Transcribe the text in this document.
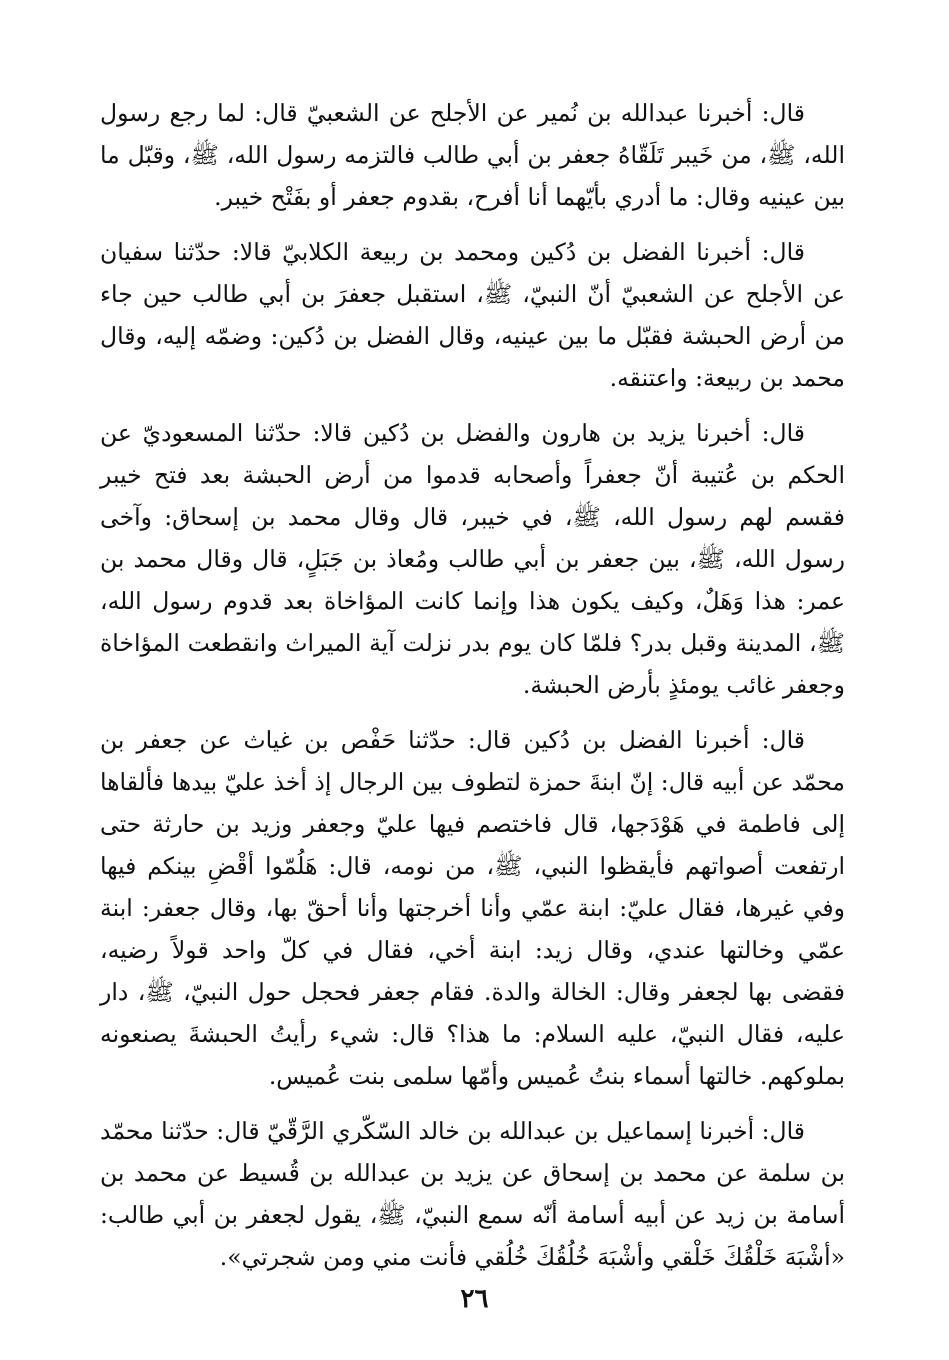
قال: أخبرنا عبدالله بن نُمير عن الأجلح عن الشعبيّ قال: لما رجع رسول الله، ﷺ، من خَيبر تَلَقّاهُ جعفر بن أبي طالب فالتزمه رسول الله، ﷺ، وقبّل ما بين عينيه وقال: ما أدري بأيّهما أنا أفرح، بقدوم جعفر أو بفَتْح خيبر.

قال: أخبرنا الفضل بن دُكين ومحمد بن ربيعة الكلابيّ قالا: حدّثنا سفيان عن الأجلح عن الشعبيّ أنّ النبيّ، ﷺ، استقبل جعفرَ بن أبي طالب حين جاء من أرض الحبشة فقبّل ما بين عينيه، وقال الفضل بن دُكين: وضمّه إليه، وقال محمد بن ربيعة: واعتنقه.

قال: أخبرنا يزيد بن هارون والفضل بن دُكين قالا: حدّثنا المسعوديّ عن الحكم بن عُتيبة أنّ جعفراً وأصحابه قدموا من أرض الحبشة بعد فتح خيبر فقسم لهم رسول الله، ﷺ، في خيبر، قال وقال محمد بن إسحاق: وآخى رسول الله، ﷺ، بين جعفر بن أبي طالب ومُعاذ بن جَبَلٍ، قال وقال محمد بن عمر: هذا وَهَلٌ، وكيف يكون هذا وإنما كانت المؤاخاة بعد قدوم رسول الله، ﷺ، المدينة وقبل بدر؟ فلمّا كان يوم بدر نزلت آية الميراث وانقطعت المؤاخاة وجعفر غائب يومئذٍ بأرض الحبشة.

قال: أخبرنا الفضل بن دُكين قال: حدّثنا حَفْص بن غياث عن جعفر بن محمّد عن أبيه قال: إنّ ابنةَ حمزة لتطوف بين الرجال إذ أخذ عليّ بيدها فألقاها إلى فاطمة في هَوْدَجها، قال فاختصم فيها عليّ وجعفر وزيد بن حارثة حتى ارتفعت أصواتهم فأيقظوا النبي، ﷺ، من نومه، قال: هَلُمّوا أقْضِ بينكم فيها وفي غيرها، فقال عليّ: ابنة عمّي وأنا أخرجتها وأنا أحقّ بها، وقال جعفر: ابنة عمّي وخالتها عندي، وقال زيد: ابنة أخي، فقال في كلّ واحد قولاً رضيه، فقضى بها لجعفر وقال: الخالة والدة. فقام جعفر فحجل حول النبيّ، ﷺ، دار عليه، فقال النبيّ، عليه السلام: ما هذا؟ قال: شيء رأيتُ الحبشةَ يصنعونه بملوكهم. خالتها أسماء بنتُ عُميس وأمّها سلمى بنت عُميس.

قال: أخبرنا إسماعيل بن عبدالله بن خالد السّكّري الرَّقّيّ قال: حدّثنا محمّد بن سلمة عن محمد بن إسحاق عن يزيد بن عبدالله بن قُسيط عن محمد بن أسامة بن زيد عن أبيه أسامة أنّه سمع النبيّ، ﷺ، يقول لجعفر بن أبي طالب: «أشْبَهَ خَلْقُكَ خَلْقي وأشْبَهَ خُلُقُكَ خُلُقي فأنت مني ومن شجرتي».

٢٦
